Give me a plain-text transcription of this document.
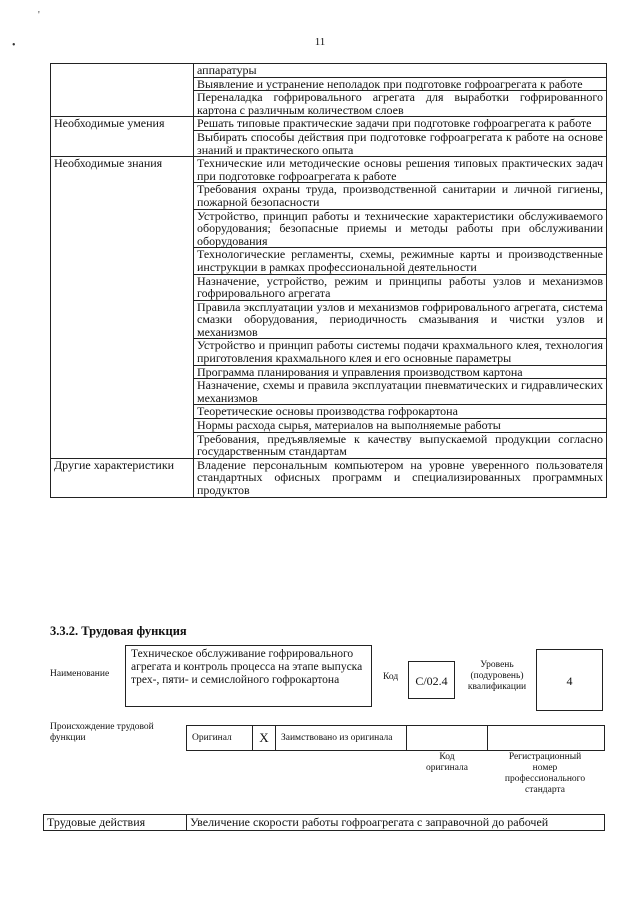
'
•	11
	аппаратуры
	Выявление и устранение неполадок при подготовке гофроагрегата к работе
	Переналадка гофрировального агрегата для выработки гофрированного картона с различным количеством слоев
Необходимые умения	Решать типовые практические задачи при подготовке гофроагрегата к работе
	Выбирать способы действия при подготовке гофроагрегата к работе на основе знаний и практического опыта
Необходимые знания	Технические или методические основы решения типовых практических задач при подготовке гофроагрегата к работе
	Требования охраны труда, производственной санитарии и личной гигиены, пожарной безопасности
	Устройство, принцип работы и технические характеристики обслуживаемого оборудования; безопасные приемы и методы работы при обслуживании оборудования
	Технологические регламенты, схемы, режимные карты и производственные инструкции в рамках профессиональной деятельности
	Назначение, устройство, режим и принципы работы узлов и механизмов гофрировального агрегата
	Правила эксплуатации узлов и механизмов гофрировального агрегата, система смазки оборудования, периодичность смазывания и чистки узлов и механизмов
	Устройство и принцип работы системы подачи крахмального клея, технология приготовления крахмального клея и его основные параметры
	Программа планирования и управления производством картона
	Назначение, схемы и правила эксплуатации пневматических и гидравлических механизмов
	Теоретические основы производства гофрокартона
	Нормы расхода сырья, материалов на выполняемые работы
	Требования, предъявляемые к качеству выпускаемой продукции согласно государственным стандартам
Другие характеристики	Владение персональным компьютером на уровне уверенного пользователя стандартных офисных программ и специализированных программных продуктов
3.3.2. Трудовая функция
Наименование
Техническое обслуживание гофрировального агрегата и контроль процесса на этапе выпуска трех-, пяти- и семислойного гофрокартона	Код	С/02.4
Уровень (подуровень) квалификации	4
Происхождение трудовой функции	Оригинал	X	Заимствовано из оригинала		
Код оригинала
Регистрационный номер профессионального стандарта
Трудовые действия	Увеличение скорости работы гофроагрегата с заправочной до рабочей
